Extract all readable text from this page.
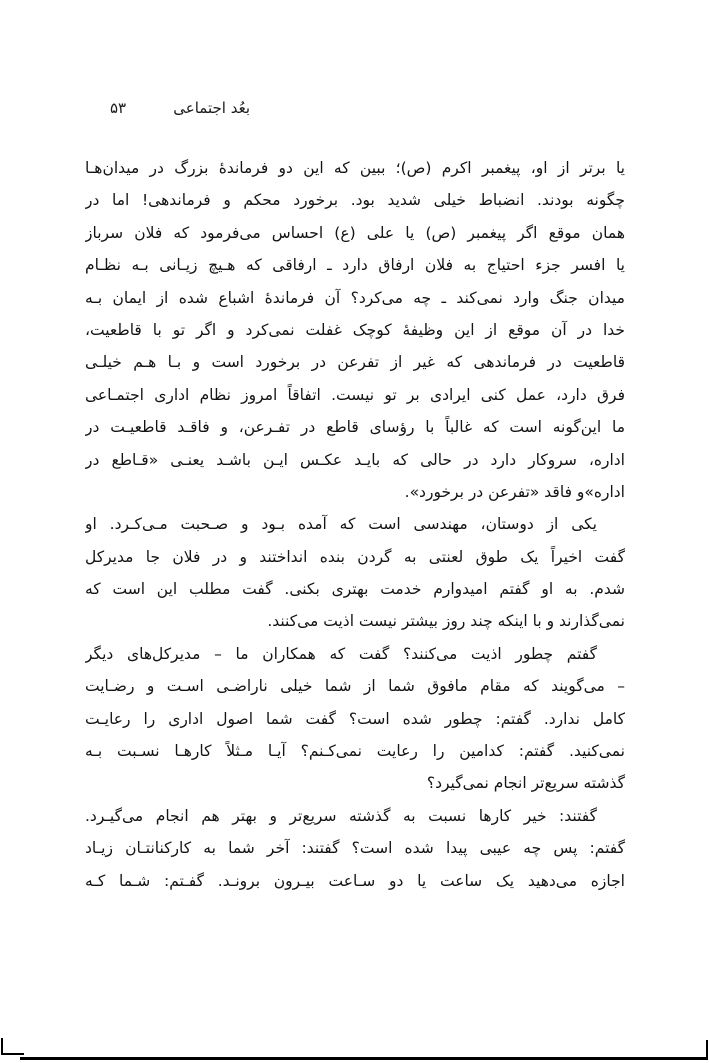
بعُد اجتماعی
۵۳
یا برتر از او، پیغمبر اکرم (ص)؛ ببین که این دو فرماندهٔ بزرگ در میدان‌هـا
چگونه بودند. انضباط خیلی شدید بود. برخورد محکم و فرماندهی! اما در
همان موقع اگر پیغمبر (ص) یا علی (ع) احساس می‌فرمود که فلان سرباز
یا افسر جزء احتیاج به فلان ارفاق دارد ـ ارفاقی که هـیچ زیـانی بـه نظـام
میدان جنگ وارد نمی‌کند ـ چه می‌کرد؟ آن فرماندهٔ اشباع شده از ایمان بـه
خدا در آن موقع از این وظیفهٔ کوچک غفلت نمی‌کرد و اگر تو با قاطعیت،
قاطعیت در فرماندهی که غیر از تفرعن در برخورد است و بـا هـم خیلـی
فرق دارد، عمل کنی ایرادی بر تو نیست. اتفاقاً امروز نظام اداری اجتمـاعی
ما این‌گونه است که غالباً با رؤسای قاطع در تفـرعن، و فاقـد قاطعیـت در
اداره، سروکار دارد در حالی که بایـد عکـس ایـن باشـد یعنـی «قـاطع در
اداره»و فاقد «تفرعن در برخورد».
یکی از دوستان، مهندسی است که آمده بـود و صـحبت مـی‌کـرد. او
گفت اخیراً یک طوق لعنتی به گردن بنده انداختند و در فلان جا مدیرکل
شدم. به او گفتم امیدوارم خدمت بهتری بکنی. گفت مطلب این است که
نمی‌گذارند و با اینکه چند روز بیشتر نیست اذیت می‌کنند.
گفتم چطور اذیت می‌کنند؟ گفت که همکاران ما – مدیرکل‌های دیگر
– می‌گویند که مقام مافوق شما از شما خیلی ناراضـی اسـت و رضـایت
کامل ندارد. گفتم: چطور شده است؟ گفت شما اصول اداری را رعایـت
نمی‌کنید. گفتم: کدامین را رعایت نمی‌کـنم؟ آیـا مـثلاً کارهـا نسـبت بـه
گذشته سریع‌تر انجام نمی‌گیرد؟
گفتند: خیر کارها نسبت به گذشته سریع‌تر و بهتر هم انجام می‌گیـرد.
گفتم: پس چه عیبی پیدا شده است؟ گفتند: آخر شما به کارکنانتـان زیـاد
اجازه می‌دهید یک ساعت یا دو سـاعت بیـرون برونـد. گفـتم: شـما کـه
